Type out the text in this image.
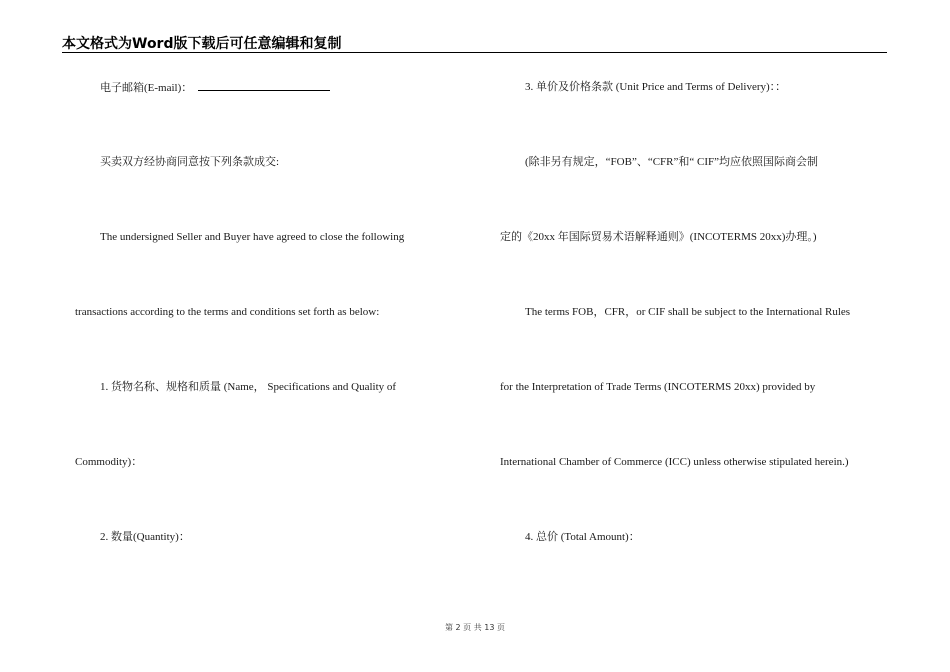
本文格式为Word版下载后可任意编辑和复制
电子邮箱(E-mail)：
买卖双方经协商同意按下列条款成交:
The undersigned Seller and Buyer have agreed to close the following
transactions according to the terms and conditions set forth as below:
1. 货物名称、规格和质量 (Name， Specifications and Quality of
Commodity)：
2. 数量(Quantity)：
3. 单价及价格条款 (Unit Price and Terms of Delivery)：：
(除非另有规定，“FOB”、“CFR”和“ CIF”均应依照国际商会制
定的《20xx 年国际贸易术语解释通则》(INCOTERMS 20xx)办理。)
The terms FOB，CFR，or CIF shall be subject to the International Rules
for the Interpretation of Trade Terms (INCOTERMS 20xx) provided by
International Chamber of Commerce (ICC) unless otherwise stipulated herein.)
4. 总价 (Total Amount)：
第 2 页 共 13 页
